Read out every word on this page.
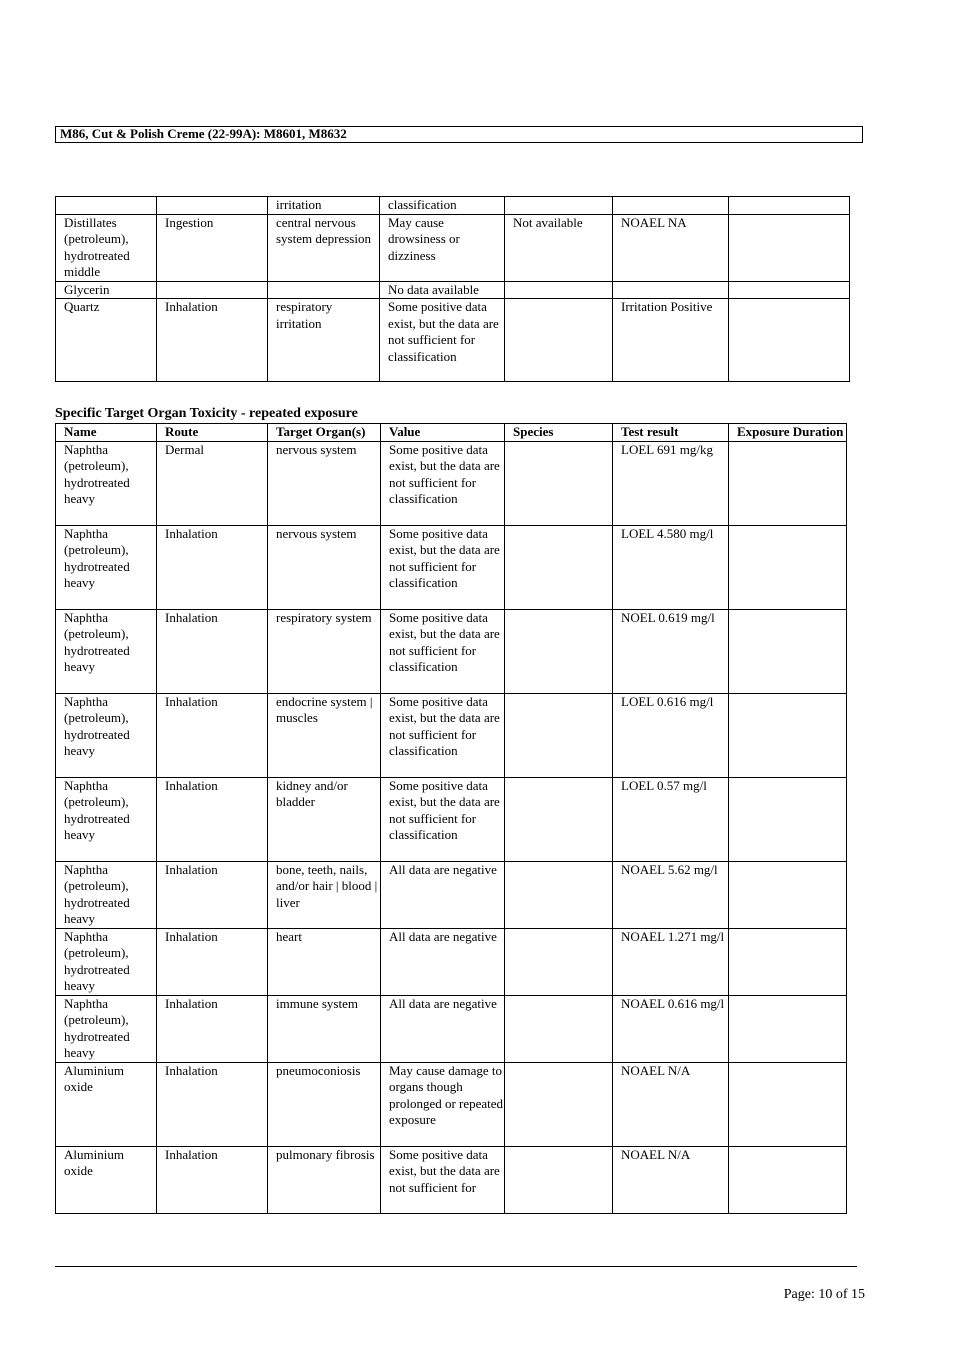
M86, Cut & Polish Creme (22-99A): M8601, M8632
		irritation	classification			
Distillates (petroleum), hydrotreated middle	Ingestion	central nervous system depression	May cause drowsiness or dizziness	Not available	NOAEL NA	
Glycerin			No data available			
Quartz	Inhalation	respiratory irritation	Some positive data exist, but the data are not sufficient for classification		Irritation Positive	
Specific Target Organ Toxicity - repeated exposure
Name	Route	Target Organ(s)	Value	Species	Test result	Exposure Duration
Naphtha (petroleum), hydrotreated heavy	Dermal	nervous system	Some positive data exist, but the data are not sufficient for classification		LOEL 691 mg/kg	
Naphtha (petroleum), hydrotreated heavy	Inhalation	nervous system	Some positive data exist, but the data are not sufficient for classification		LOEL 4.580 mg/l	
Naphtha (petroleum), hydrotreated heavy	Inhalation	respiratory system	Some positive data exist, but the data are not sufficient for classification		NOEL 0.619 mg/l	
Naphtha (petroleum), hydrotreated heavy	Inhalation	endocrine system | muscles	Some positive data exist, but the data are not sufficient for classification		LOEL 0.616 mg/l	
Naphtha (petroleum), hydrotreated heavy	Inhalation	kidney and/or bladder	Some positive data exist, but the data are not sufficient for classification		LOEL 0.57 mg/l	
Naphtha (petroleum), hydrotreated heavy	Inhalation	bone, teeth, nails, and/or hair | blood | liver	All data are negative		NOAEL 5.62 mg/l	
Naphtha (petroleum), hydrotreated heavy	Inhalation	heart	All data are negative		NOAEL 1.271 mg/l	
Naphtha (petroleum), hydrotreated heavy	Inhalation	immune system	All data are negative		NOAEL 0.616 mg/l	
Aluminium oxide	Inhalation	pneumoconiosis	May cause damage to organs though prolonged or repeated exposure		NOAEL N/A	
Aluminium oxide	Inhalation	pulmonary fibrosis	Some positive data exist, but the data are not sufficient for		NOAEL N/A	
Page: 10 of 15
